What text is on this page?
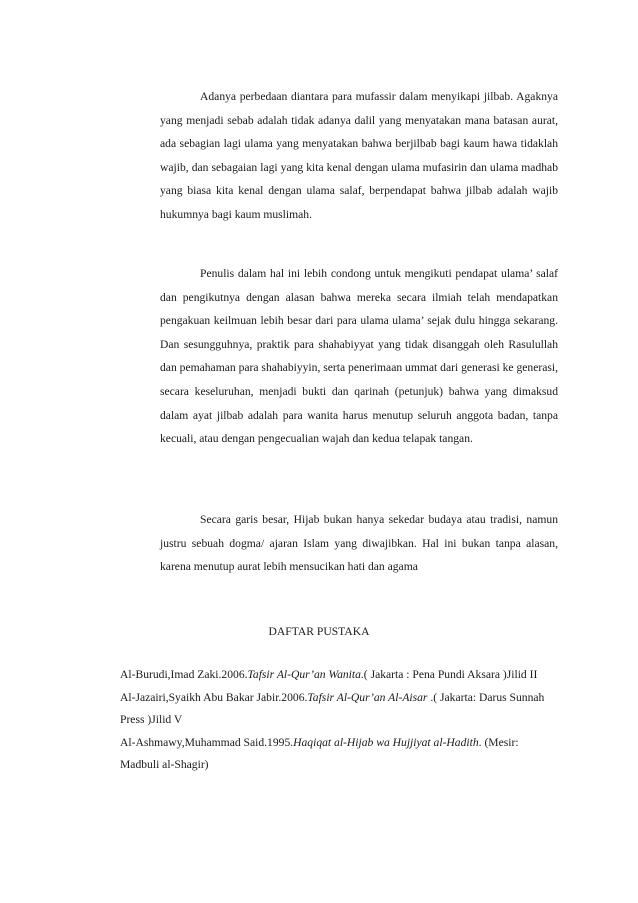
Adanya perbedaan diantara para mufassir dalam menyikapi jilbab. Agaknya yang menjadi sebab adalah tidak adanya dalil yang menyatakan mana batasan aurat, ada sebagian lagi ulama yang menyatakan bahwa berjilbab bagi kaum hawa tidaklah wajib, dan sebagaian lagi yang kita kenal dengan ulama mufasirin dan ulama madhab yang biasa kita kenal dengan ulama salaf, berpendapat bahwa jilbab adalah wajib hukumnya bagi kaum muslimah.

Penulis dalam hal ini lebih condong untuk mengikuti pendapat ulama’ salaf dan pengikutnya dengan alasan bahwa mereka secara ilmiah telah mendapatkan pengakuan keilmuan lebih besar dari para ulama ulama’ sejak dulu hingga sekarang. Dan sesungguhnya, praktik para shahabiyyat yang tidak disanggah oleh Rasulullah dan pemahaman para shahabiyyin, serta penerimaan ummat dari generasi ke generasi, secara keseluruhan, menjadi bukti dan qarinah (petunjuk) bahwa yang dimaksud dalam ayat jilbab adalah para wanita harus menutup seluruh anggota badan, tanpa kecuali, atau dengan pengecualian wajah dan kedua telapak tangan.

Secara garis besar, Hijab bukan hanya sekedar budaya atau tradisi, namun justru sebuah dogma/ ajaran Islam yang diwajibkan. Hal ini bukan tanpa alasan, karena menutup aurat lebih mensucikan hati dan agama

DAFTAR PUSTAKA

Al-Burudi,Imad Zaki.2006.Tafsir Al-Qur’an Wanita.( Jakarta : Pena Pundi Aksara )Jilid II

Al-Jazairi,Syaikh Abu Bakar Jabir.2006.Tafsir Al-Qur’an Al-Aisar .( Jakarta: Darus Sunnah Press )Jilid V

Al-Ashmawy,Muhammad Said.1995.Haqiqat al-Hijab wa Hujjiyat al-Hadith. (Mesir: Madbuli al-Shagir)
